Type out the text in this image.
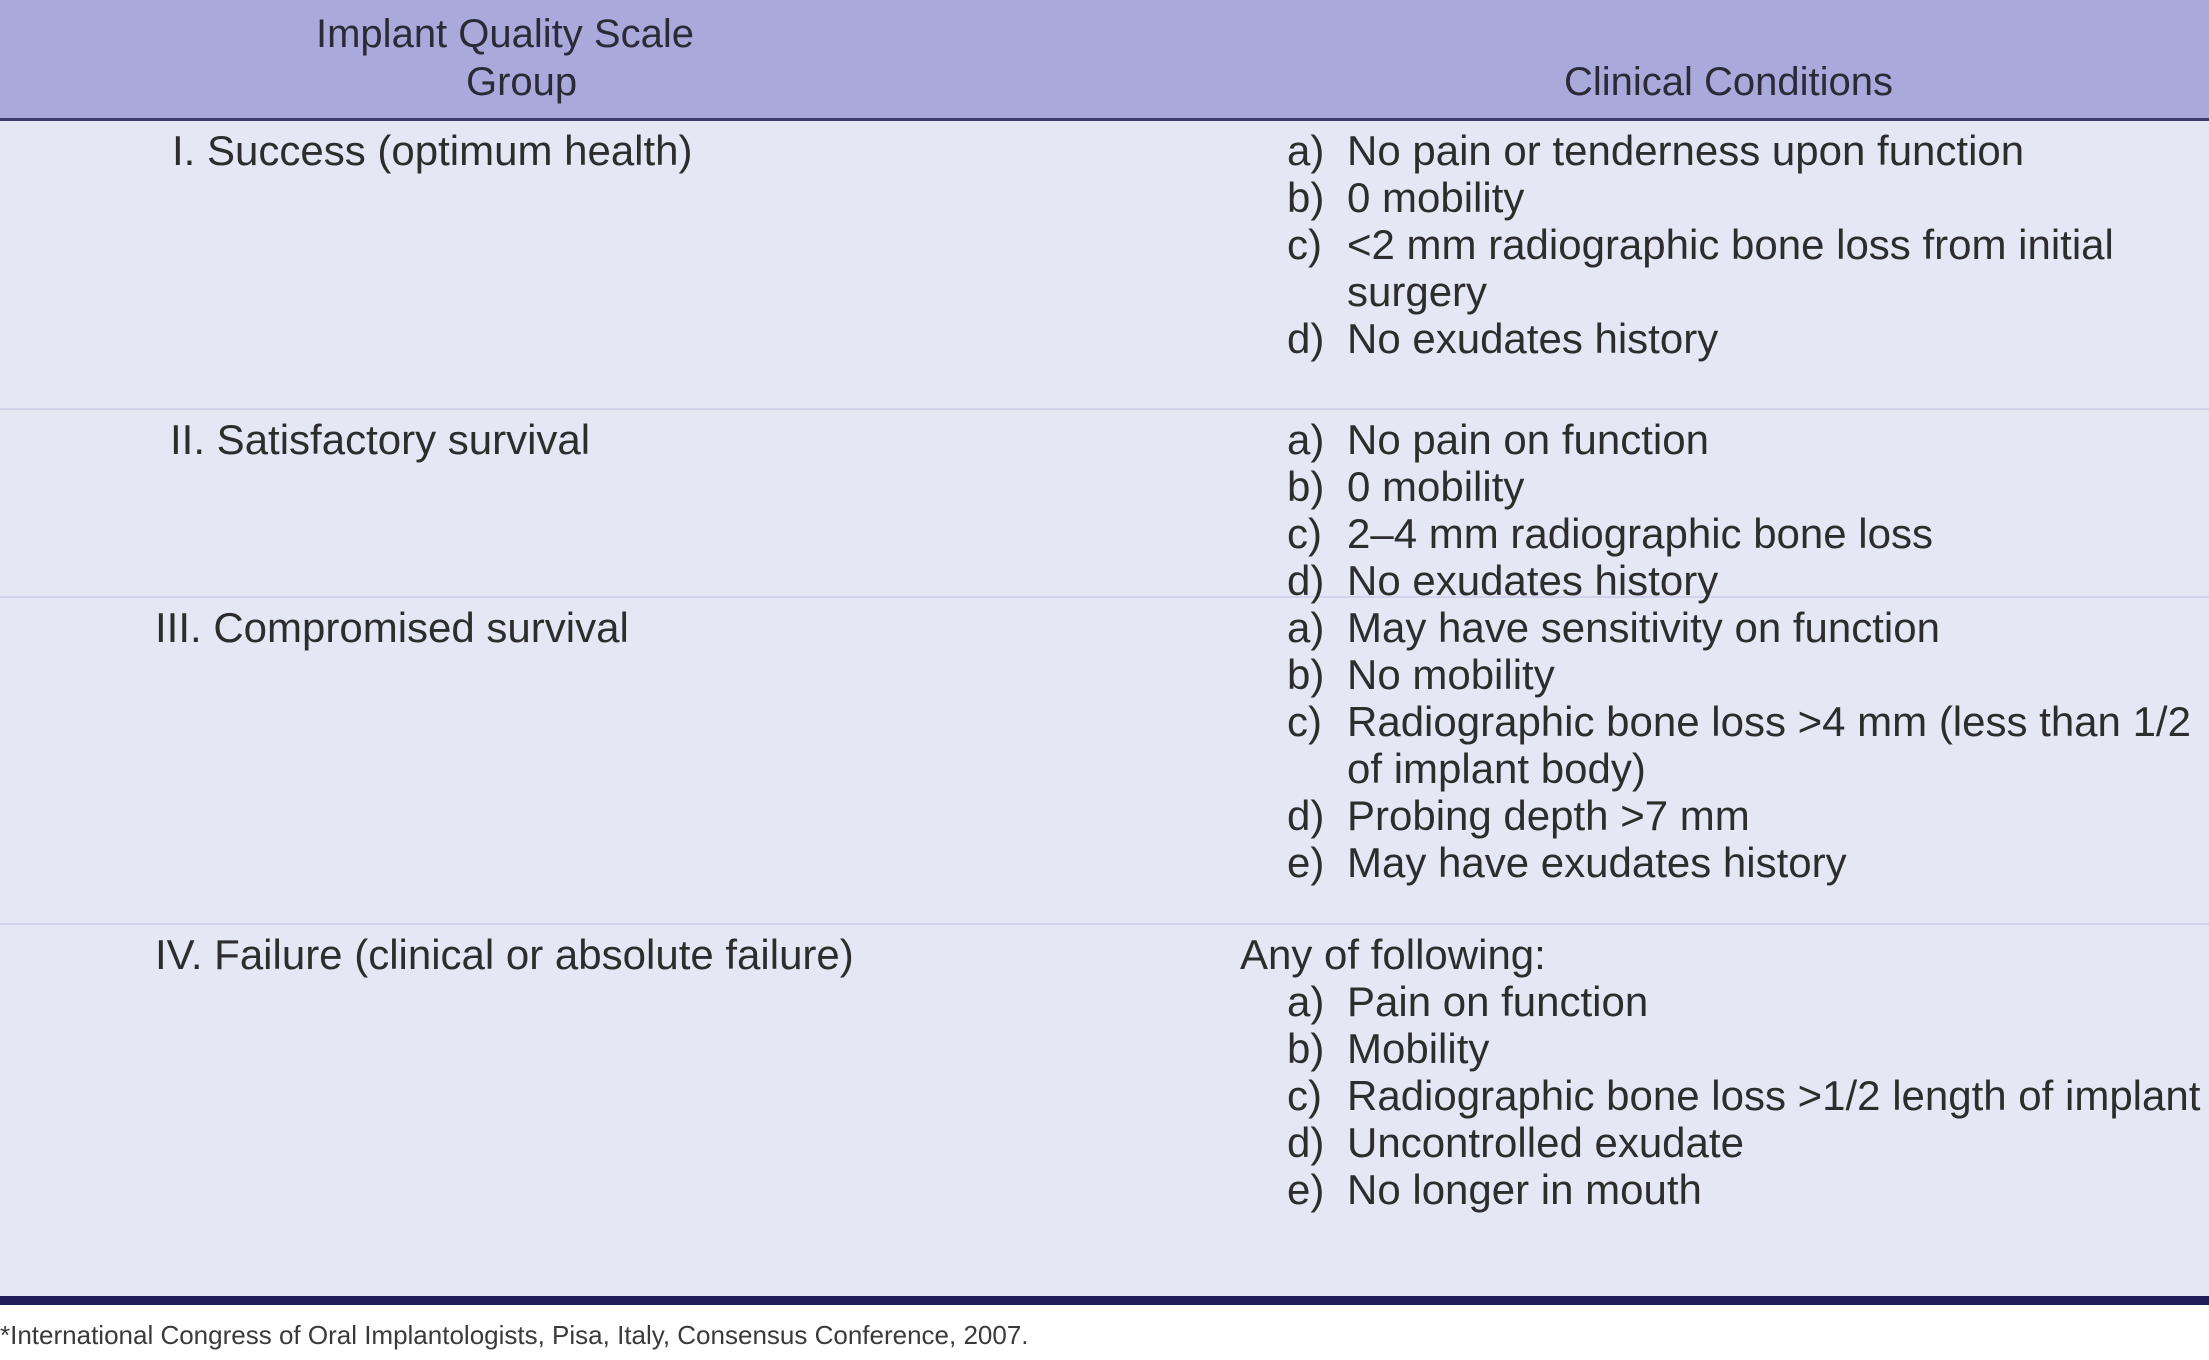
Implant Quality Scale
Group	Clinical Conditions
I. Success (optimum health)	a) No pain or tenderness upon function
b) 0 mobility
c) <2 mm radiographic bone loss from initial surgery
d) No exudates history
II. Satisfactory survival	a) No pain on function
b) 0 mobility
c) 2–4 mm radiographic bone loss
d) No exudates history
III. Compromised survival	a) May have sensitivity on function
b) No mobility
c) Radiographic bone loss >4 mm (less than 1/2 of implant body)
d) Probing depth >7 mm
e) May have exudates history
IV. Failure (clinical or absolute failure)	Any of following:
a) Pain on function
b) Mobility
c) Radiographic bone loss >1/2 length of implant
d) Uncontrolled exudate
e) No longer in mouth
*International Congress of Oral Implantologists, Pisa, Italy, Consensus Conference, 2007.
